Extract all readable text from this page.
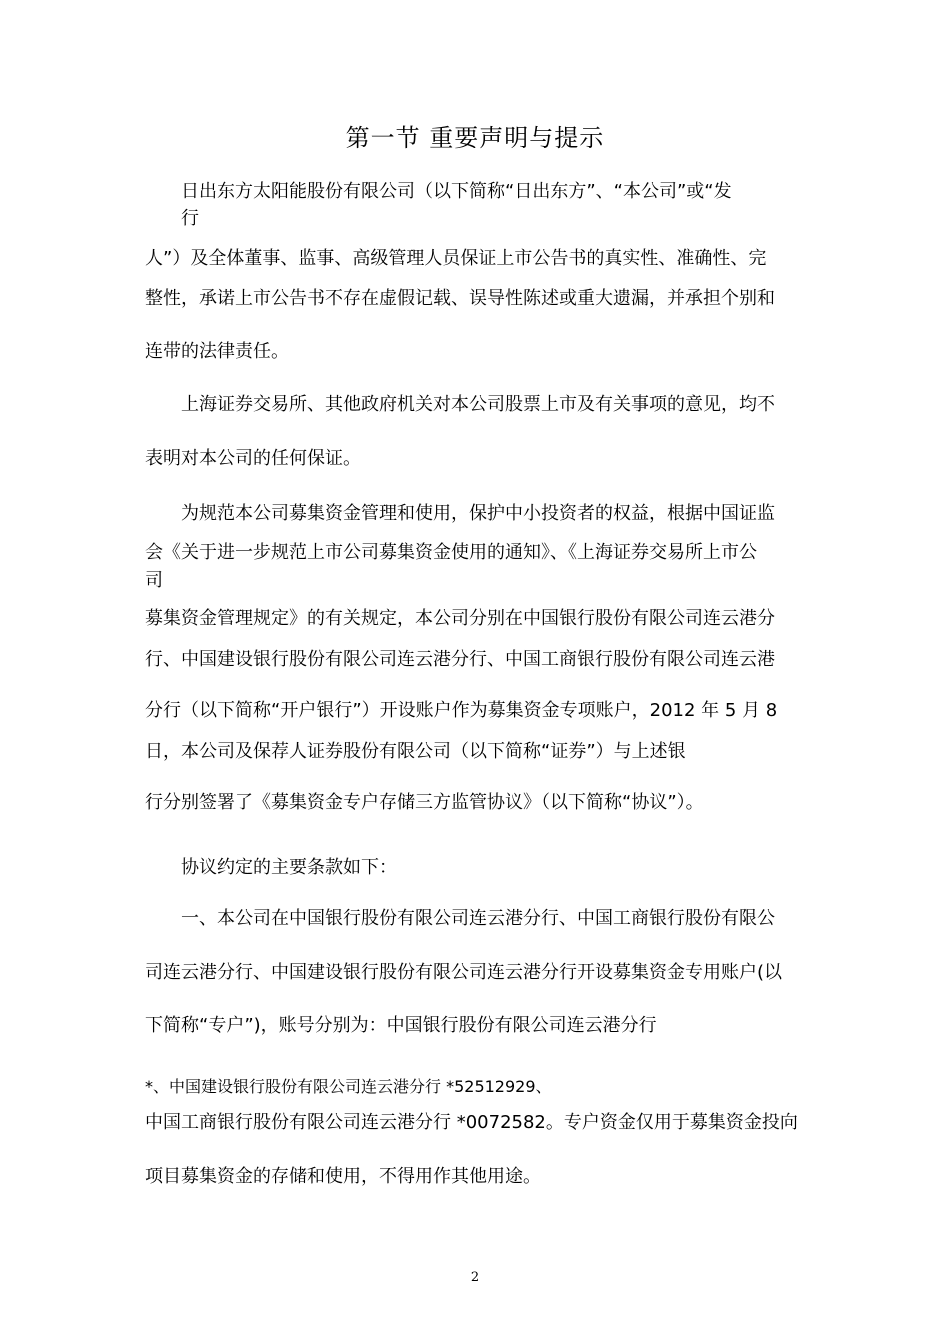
第一节 重要声明与提示
日出东方太阳能股份有限公司（以下简称“日出东方”、“本公司”或“发
行
人”）及全体董事、监事、高级管理人员保证上市公告书的真实性、准确性、完
整性，承诺上市公告书不存在虚假记载、误导性陈述或重大遗漏，并承担个别和
连带的法律责任。
上海证券交易所、其他政府机关对本公司股票上市及有关事项的意见，均不
表明对本公司的任何保证。
为规范本公司募集资金管理和使用，保护中小投资者的权益，根据中国证监
会《关于进一步规范上市公司募集资金使用的通知》、《上海证券交易所上市公
司
募集资金管理规定》的有关规定，本公司分别在中国银行股份有限公司连云港分
行、中国建设银行股份有限公司连云港分行、中国工商银行股份有限公司连云港
分行（以下简称“开户银行”）开设账户作为募集资金专项账户，2012 年 5 月 8
日，本公司及保荐人证券股份有限公司（以下简称“证券”）与上述银
行分别签署了《募集资金专户存储三方监管协议》（以下简称“协议”）。
协议约定的主要条款如下：
一、本公司在中国银行股份有限公司连云港分行、中国工商银行股份有限公
司连云港分行、中国建设银行股份有限公司连云港分行开设募集资金专用账户(以
下简称“专户”)，账号分别为：中国银行股份有限公司连云港分行
*、中国建设银行股份有限公司连云港分行 *52512929、
中国工商银行股份有限公司连云港分行 *0072582。专户资金仅用于募集资金投向
项目募集资金的存储和使用，不得用作其他用途。
2
